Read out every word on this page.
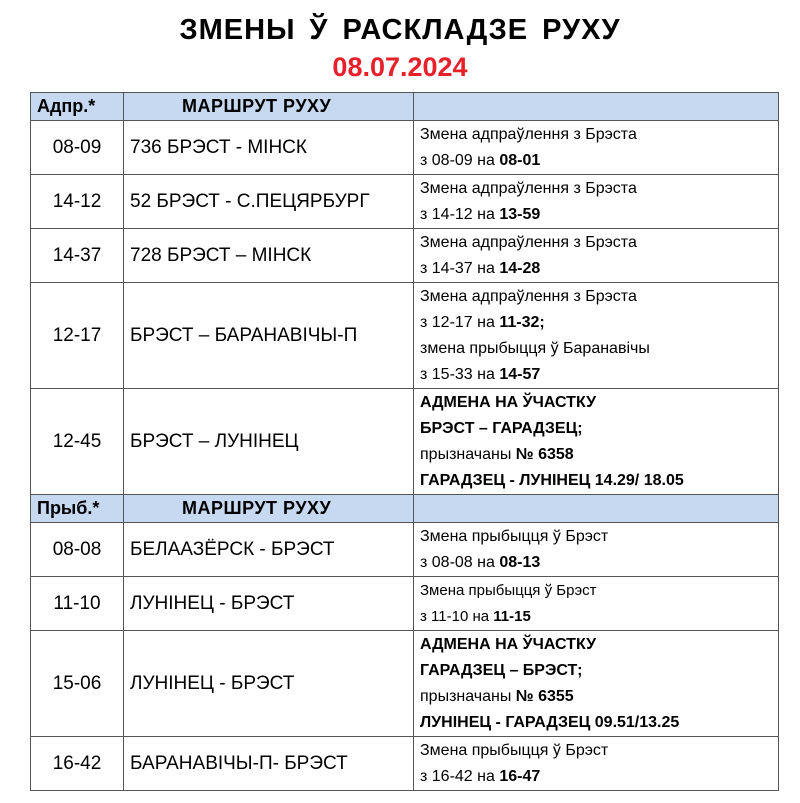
ЗМЕНЫ Ў РАСКЛАДЗЕ РУХУ
08.07.2024
Адпр.*	МАРШРУТ РУХУ	
08-09	736 БРЭСТ - МІНСК	Змена адпраўлення з Брэста
з 08-09 на 08-01

14-12	52 БРЭСТ - С.ПЕЦЯРБУРГ	Змена адпраўлення з Брэста
з 14-12 на 13-59

14-37	728 БРЭСТ – МІНСК	Змена адпраўлення з Брэста
з 14-37 на 14-28

12-17	БРЭСТ – БАРАНАВІЧЫ-П	Змена адпраўлення з Брэста
з 12-17 на 11-32;
змена прыбыцця ў Баранавічы
з 15-33 на 14-57

12-45	БРЭСТ – ЛУНІНЕЦ	АДМЕНА НА ЎЧАСТКУ
БРЭСТ – ГАРАДЗЕЦ;
прызначаны № 6358
ГАРАДЗЕЦ - ЛУНІНЕЦ 14.29/ 18.05

Прыб.*	МАРШРУТ РУХУ	
08-08	БЕЛААЗЁРСК - БРЭСТ	Змена прыбыцця ў Брэст
з 08-08 на 08-13

11-10	ЛУНІНЕЦ - БРЭСТ	Змена прыбыцця ў Брэст
з 11-10 на 11-15

15-06	ЛУНІНЕЦ - БРЭСТ	АДМЕНА НА ЎЧАСТКУ
ГАРАДЗЕЦ – БРЭСТ;
прызначаны № 6355
ЛУНІНЕЦ - ГАРАДЗЕЦ 09.51/13.25

16-42	БАРАНАВІЧЫ-П- БРЭСТ	Змена прыбыцця ў Брэст
з 16-42 на 16-47
